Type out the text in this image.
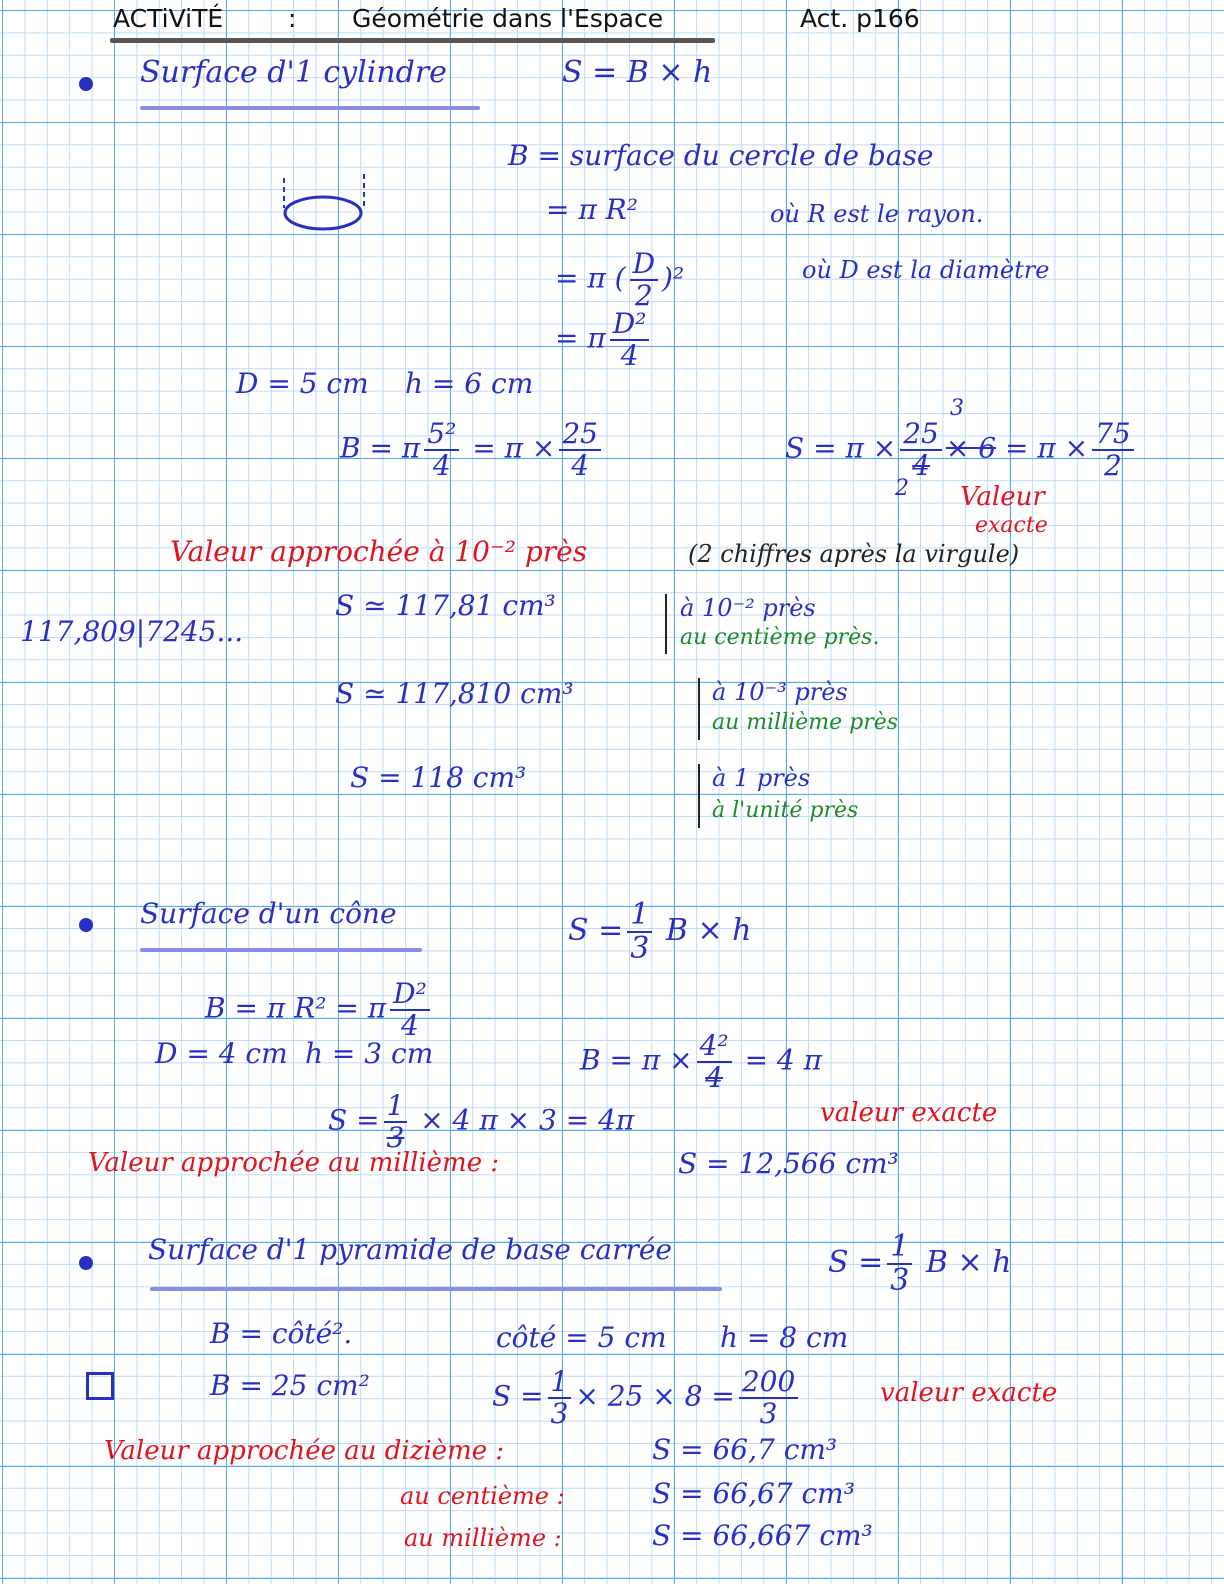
ACTiViTÉ	: Géométrie dans l'Espace	Act. p166
Surface d'1 cylindre	S = B × h
B = surface du cercle de base
= π R²	où R est le rayon.
= π ( $\frac{D}{2} )^2$	où D est la diamètre
= π $\frac{\text{D²}}{4}$
D = 5 cm h = 6 cm
B = π $\frac{\text{5²}}{4} = \pi \times \frac{25}{4}$
3
$S = \pi \times \frac{25}{4} \times 6 = \pi \times \frac{75}{2}$
2 Valeur
exacte
Valeur approchée à 10⁻² près	(2 chiffres après la virgule)
117,809|7245...
S ≃ 117,81 cm³	à 10⁻² près
au centième près.
S ≃ 117,810 cm³	à 10⁻³ près
au millième près
S = 118 cm³	à 1 près
à l'unité près
Surface d'un cône	$S = \frac{1}{3}$ B × h
B = π R² = π $\frac{\text{D²}}{4}$
D = 4 cm h = 3 cm	$B = \pi \times \frac{\text{4²}}{4} = 4$ π
$S = \frac{1}{3} \times 4$ π × 3 = 4π	valeur exacte
Valeur approchée au millième :	S = 12,566 cm³
Surface d'1 pyramide de base carrée	$S = \frac{1}{3}$ B × h
B = côté².	côté = 5 cm h = 8 cm
B = 25 cm²	$S = \frac{1}{3} \times 25 \times 8 = \frac{200}{3}$	valeur exacte
Valeur approchée au dizième :	S = 66,7 cm³
au centième :	S = 66,67 cm³
au millième :	S = 66,667 cm³
